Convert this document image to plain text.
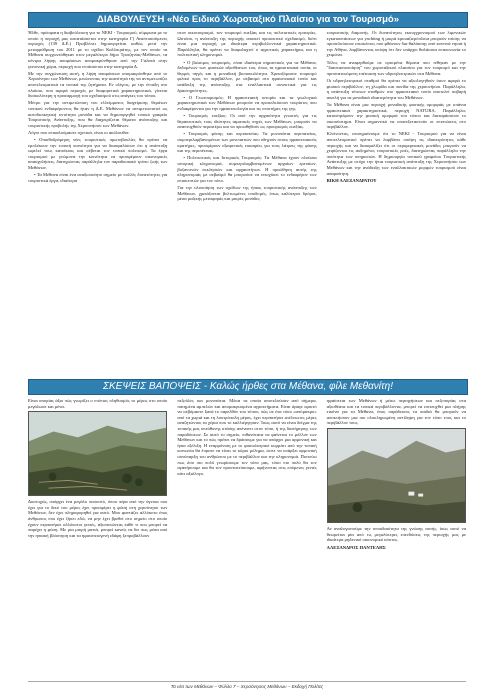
ΔΙΑΒΟΥΛΕΥΣΗ «Νέο Ειδικό Χωροταξικό Πλαίσιο για τον Τουρισμό»

Ήλθε, πρόσφατα η διαβούλευση για το ΝΕΚΙ - Τουρισμού, σύμφωνα με το οποίο η περιοχή μας κατατάσσεται στην κατηγορία Γ) Αναπτυσσόμενες περιοχές (139 Δ.Ε.) Προβλέπει δημιουργείται καθώς μετά την μεταρρύθμιση του 2011 με το σχέδιο Καλλικράτης, με τον οποίο τα Μέθανα συγχωνεύθηκαν στον μεγαλύτερο δήμο Τροιζηνίας-Μεθάνων, τα κέντρα λήψης αποφάσεων απομακρύνθηκαν από την Γαλατά στην γειτονική χώρα, περιοχή που εντάσσεται στην κατηγορία Δ.

Με την συγχώνευση αυτή, η λήψη αποφάσεων απομακρύνθηκε από το Χερσόνησο των Μεθάνων, μειώνοντας την ικανότητά της να αντιμετωπίζει αποτελεσματικά τα τοπικά της ζητήματα. Εν ολίγοις, με την ένταξη στο πλαίσιο, που αφορά περιοχές με διαφορετικά χαρακτηριστικά, γίνεται δυσκολότερη η προσαρμογή του σχεδιασμού στις ανάγκες του τόπου.

Μέτρο για την αντιμετώπιση του ελλείμματος διαχείρισης θεμάτων τοπικού ενδιαφέροντος θα ήταν η Δ.Ε. Μεθάνων να αντιμετωπιστεί ως αυτοδιοικητική οντότητα μονάδα και να δημιουργηθεί τοπικό γραφείο Τουριστικής Ανάπτυξης, που θα διαχειρίζεται θέματα ανάπτυξης και τουριστικής προβολής της Χερσονήσου των Μεθάνων.

Λόγοι που επικαλούμαστε σχετικά, είναι οι ακόλουθοι:

• Οπισθοδρόμηση νέες τουριστικές πρωτοβουλίες θα πρέπει να εμπλέκουν την τοπική κοινότητα για να διασφαλίσουν ότι η ανάπτυξη ωφελεί τους κατοίκους και σέβεται τον τοπικό πολιτισμό. Τα έργα τουρισμού με γνώμονα την κοινότητα να προσφέρουν οικονομικές απασχολήσεις, διατηρώντας παράλληλα τον παραδοσιακό τρόπο ζωής των Μεθάνων.

• Τα Μέθανα είναι ένα αναξιοποίητο σημείο με πολλές δυνατότητες για τουριστικά έργα, ιδιαίτερα

στον οικοτουρισμό, τον τουρισμό ευεξίας και τις πολιτιστικές εμπειρίες. Ωστόσο, η ανάπτυξη της περιοχής απαιτεί προσεκτικό σχεδιασμό, διότι είναι μια περιοχή με ιδιαίτερα περιβαλλοντικά χαρακτηριστικά. Παράλληλα, θα πρέπει να διαφυλαχτεί ο αγροτικός χαρακτήρας και η πολιτιστική κληρονομιά.

• Ο βιώσιμος τουρισμός, είναι ιδιαίτερα σημαντικός για τα Μέθανα, δεδομένων των φυσικών αξιοθέατων του, όπως τα ηφαιστειακά τοπία, οι θερμές πηγές και η μοναδική βιοποικιλότητα. Χρειαζόμαστε τουρισμό φιλικό προς το περιβάλλον, με σεβασμό στο ηφαιστειακό τοπίο και ανάδειξη της ανάπτυξης στα εναλλακτικά συνεκτικά για τις δραστηριότητες.

• Ο Γεωτουρισμός: Η ηφαιστειακή ιστορία και τα γεωλογικά χαρακτηριστικά των Μεθάνων μπορούν να προσελκύσουν τουρίστες που ενδιαφέρονται για την ηφαιστειολογία και τις επιστήμες της γης.

• Τουρισμός ευεξίας: Οι από την αρχαιότητα γνωστές για τις θεραπευτικές τους ιδιότητες ιαματικές πηγές των Μεθάνων, μπορούν να αναπτυχθούν περαιτέρω και να προωθηθούν ως προορισμός ευεξίας.

• Τουρισμός φύσης και περιπατείας: Τα μονοπάτια περιπατείας, συμπεριλαμβανομένων των μονοπατιών που οδηγούν στους ηφαιστειακούς κρατήρες, προσφέρουν εξαιρετικές ευκαιρίες για τους λάτρεις της φύσης και της περιπέτειας.

• Πολιτιστικός και Ιστορικός Τουρισμός: Τα Μέθανα έχουν πλούσια ιστορική κληρονομιά, συμπεριλαμβανομένων αρχαίων ερειπίων, βυζαντινών εκκλησιών και αρχαιοτήτων. Η προώθηση αυτής της κληρονομιάς με σεβασμό θα μπορούσε να ενισχύσει το ενδιαφέρον των επισκεπτών για τον τόπο.

Για την υλοποίηση των σχεδίων της ήπιας τουριστικής ανάπτυξης των Μεθάνων, χρειάζονται βελτιωμένες υποδομές, όπως καλύτεροι δρόμοι, μέσα μαζικής μεταφοράς και μικρές μονάδες

τουριστικής διαμονής. Οι δυνατότητες εκσυγχρονισμού των λιμενικών εγκαταστάσεων για yachting ή μικρά κρουαζιερόπλοια μπορούν επίσης να προσελκύσουν επισκέπτες που φθάνουν δια θαλάσσης από κοντινά νησιά ή την Αθήνα, λαμβάνοντας υπόψη ότι δεν υπάρχει θαλάσσια επικοινωνία το χειμώνα.

Τέλος να αναφερθούμε σε ορισμένα θέματα που τέθηκαν με την "διαστασιοποίηση" του χωροταξικού πλαισίου για τον τουρισμό και την προστατευόμενη επέκταση των υδροηλεκτρικών στα Μέθανα.

Οι υδροηλεκτρικοί σταθμοί θα πρέπει να αξιολογηθούν όσον αφορά το φυσικό περιβάλλον, τη χλωρίδα και πανίδα της χερσονήσου. Παράλληλα, η ανάπτυξη τέτοιων σταθμών στο ηφαιστειακό τοπίο αποτελεί σοβαρή απειλή για τα μοναδικά ιδιαιτερότητα του Μεθάνων.

Τα Μέθανα είναι μια περιοχή μοναδικής φυσικής ομορφιάς με σπάνια ηφαιστειακά χαρακτηριστικά, περιοχή NATURA. Παράλληλα, καταστρέφουν την φυσική ομορφιά του τόπου και διαταράσσουν το οικοσύστημα. Είναι σημαντικό να επανεξεταστούν οι επιπτώσεις στο περιβάλλον.

Κλείνοντας, επισημαίνουμε ότι το ΝΕΚΙ - Τουρισμού για να είναι αποτελεσματικό πρέπει να λαμβάνει υπόψη τις ιδιαιτερότητες κάθε περιοχής και να διασφαλίζει ότι οι περιφερειακές μονάδες μπορούν να χειρίζονται τις αυξημένες τουριστικές ροές, διατηρώντας παράλληλα την ποιότητα των υπηρεσιών. Η δημιουργία τοπικού γραφείου Τουριστικής Ανάπτυξης με στόχο την ήπια τουριστική ανάπτυξη της Χερσονήσου των Μεθάνων και την ανάδειξη των εναλλακτικών μορφών τουρισμού είναι απαραίτητη.

ΒΙΚΗ ΑΛΕΞΑΝΔΡΑΤΟΥ
ΣΚΕΨΕΙΣ ΒΑΠΟΨΕΙΣ - Καλώς ήρθες στα Μέθανα, φίλε Μεθανίτη!

Είναι απορίας άξιο πώς γνωρίζει ο ντόπιος πληθυσμός το μέρος στο οποίο μεγάλωσε και μένει.

Δυστυχώς, υπάρχει ένα μεγάλο ποσοστό, όπου πέρα από την άγνοια που έχει για το δικό του μέρος έχει προσφέρει η φύση στη χερσόνησο των Μεθάνων, δεν έχει πληροφορηθεί για αυτό. Μου φαντάζει αλλόκοτο ένας άνθρωπος που έχει ζήσει εδώ, να μην έχει βρεθεί στο σημείο στο οποίο έχουν περπατήσει αλλόκοτοι γενιές, αξιοποιώντας κάθε τι που μπορεί να παρέχει η φύση. Με μια μικρή ματιά, μπορεί κανείς να δει πως μέσα από την ηπιακή βλάστηση και τα ηφαιστειογενή εδάφη ξεπροβάλλουν

πεζούλες και μονοπάτια. Μέσα τα οποία αποτελούσαν από σήμερα, πατημένα αμπελών και απομακρυσμένα αγροκτήματα. Είναι άραγε εφικτό να σεβόμαστε ξανά το παρελθόν του τόπου, πώς σε ένα τόσο «απόμακρο» από τα χωριά και τη λουτρόπολη μέρος, έχει περπατήσει ατέλειωτες μέρες αναζητώντας τα χέρια που το καλλιέργησαν. Ίσως αυτό να είναι δείγμα της τοπικής μας υπεύθυνης στάσης απέναντι στον τόπο, ή της διατήρησης των παραδόσεων. Σε αυτό το σημείο, πιθανότατα να φαίνεται το μέλλον των Μεθάνων και το πώς πρέπει να δράσουμε για να υπάρχει μια αρμονική και ήπια εξέλιξη. Η εναρμόνιση με το φυσιολατρικό κομμάτι από την τοπική κοινωνία θα έπρεπε να είναι το κύριο μέλημα, ώστε να υπάρξει αρμονική συνύπαρξη του ανθρώπου με το περιβάλλον και την κληρονομιά. Πιστεύω πως όσο πιο πολύ γνωρίσουμε τον τόπο μας, τόσο πιο πολύ θα τον αγαπήσουμε και θα τον προστατεύσουμε, αφήνοντας στις επόμενες γενιές κάτι αξιόλογο.

ηφαίστεια των Μεθάνων ή μέσω περιηγήσεων και πεζοπορίας στα αξιοθέατα και τα τοπικά περιβάλλοντα, μπορεί να επιτευχθεί μια πλήρης εικόνα για τα Μέθανα, ένας παράδεισος τα παιδιά θα μπορούν να αποκτήσουν μια πιο ολοκληρωμένη αντίληψη για τον τόπο τους και το περιβάλλον τους.

Αν αναλογιστούμε την σπουδαιότητα της γνώσης αυτής, ίσως αυτό να θεωρείται μία από τις μεγαλύτερες επενδύσεις της περιοχής μας με ιδιαίτερα μηδενικό οικονομικό κόστος.

ΑΛΕΞΑΝΔΡΟΣ ΠΑΝΤΕΛΗΣ
Τα νέα των Μεθάνων – Φύλλο 7 – Χερσόνησος Μεθάνων – Εκδοχή Πολίτες
